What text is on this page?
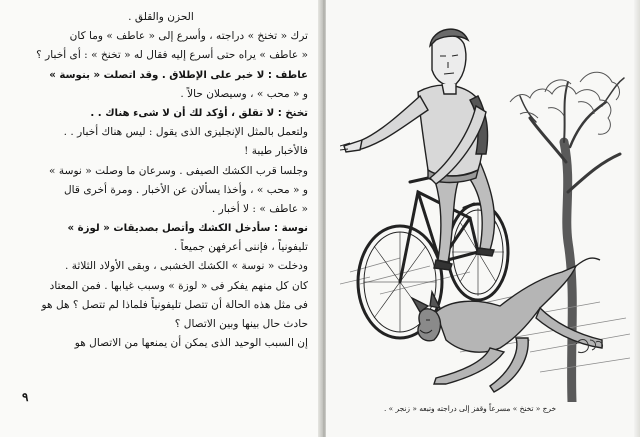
الحزن والقلق .
ترك « تخنخ » دراجته ، وأسرع إلى « عاطف » وما كان
« عاطف » يراه حتى أسرع إليه فقال له « تخنخ » : أى أخبار ؟
عاطف : لا خبر على الإطلاق . وقد اتصلت « بنوسة »
و « محب » ، وسيصلان حالاً .
تخنخ : لا تقلق ، أؤكد لك أن لا شىء هناك . .
ولتعمل بالمثل الإنجليزى الذى يقول : ليس هناك أخبار . .
فالأخبار طيبة !
وجلسا قرب الكشك الصيفى . وسرعان ما وصلت « نوسة »
و « محب » ، وأخذا يسألان عن الأخبار . ومرة أخرى قال
« عاطف » : لا أخبار .
نوسة : سأدخل الكشك وأتصل بصديقات « لوزة »
تليفونياً ، فإننى أعرفهن جميعاً .
ودخلت « نوسة » الكشك الخشبى ، وبقى الأولاد الثلاثة .
كان كل منهم يفكر فى « لوزة » وسبب غيابها . فمن المعتاد
فى مثل هذه الحالة أن تتصل تليفونياً فلماذا لم تتصل ؟ هل هو
حادث حال بينها وبين الاتصال ؟
إن السبب الوحيد الذى يمكن أن يمنعها من الاتصال هو
٩
خرج « تخنخ » مسرعاً وقفز إلى دراجته وتبعه « زنجر » .
